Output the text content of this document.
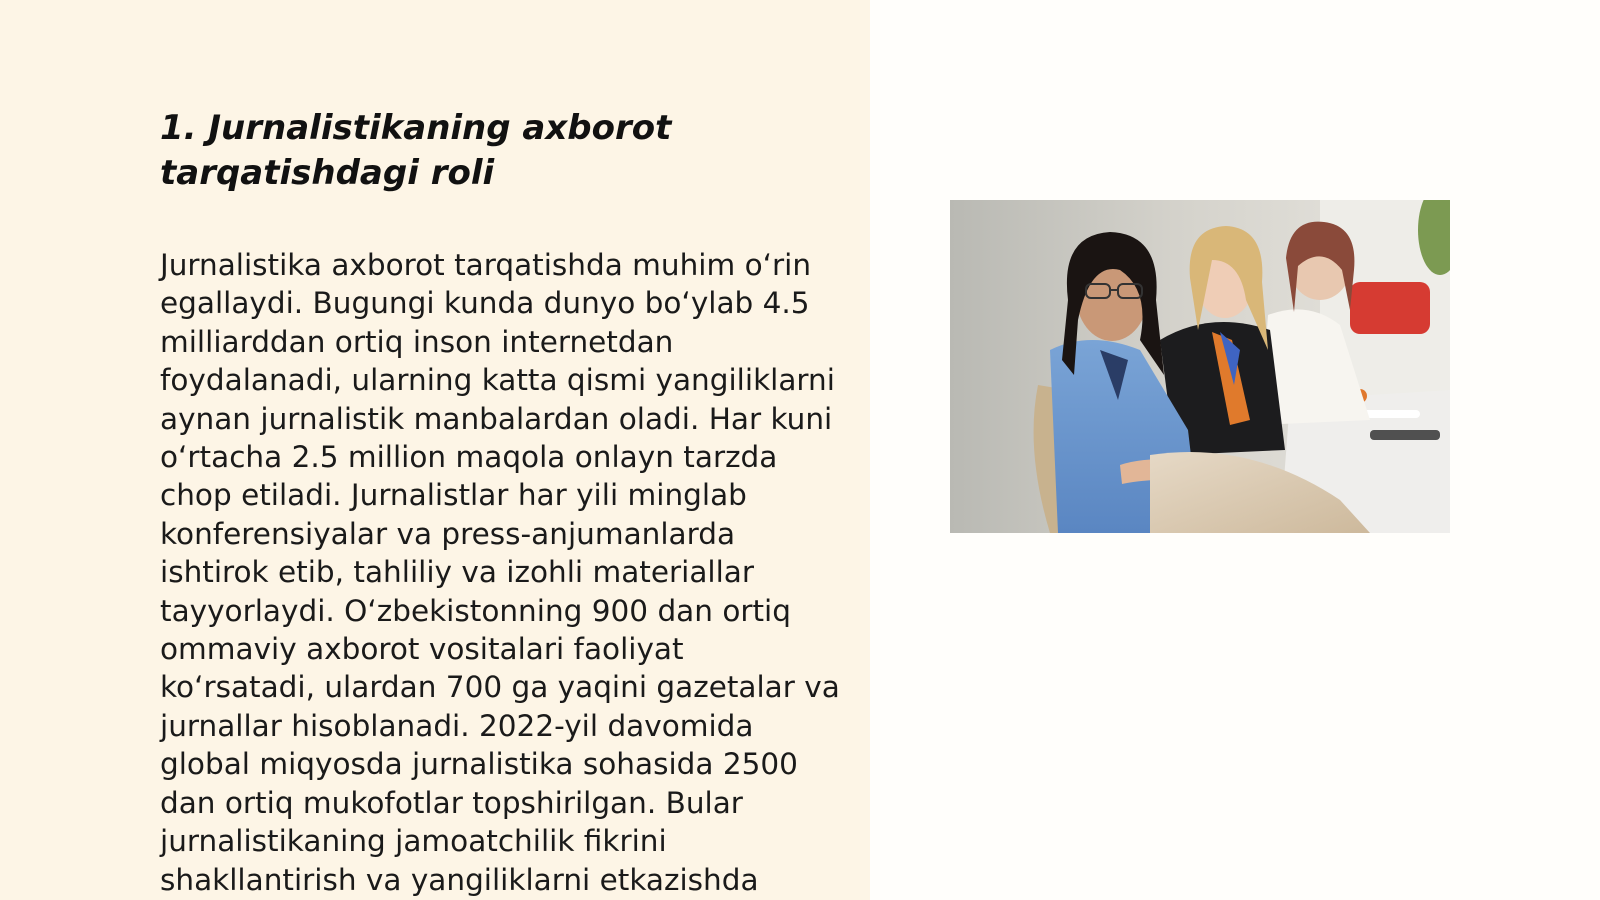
1. Jurnalistikaning axborot tarqatishdagi roli

Jurnalistika axborot tarqatishda muhim o‘rin egallaydi. Bugungi kunda dunyo bo‘ylab 4.5 milliarddan ortiq inson internetdan foydalanadi, ularning katta qismi yangiliklarni aynan jurnalistik manbalardan oladi. Har kuni o‘rtacha 2.5 million maqola onlayn tarzda chop etiladi. Jurnalistlar har yili minglab konferensiyalar va press-anjumanlarda ishtirok etib, tahliliy va izohli materiallar tayyorlaydi. O‘zbekistonning 900 dan ortiq ommaviy axborot vositalari faoliyat ko‘rsatadi, ulardan 700 ga yaqini gazetalar va jurnallar hisoblanadi. 2022-yil davomida global miqyosda jurnalistika sohasida 2500 dan ortiq mukofotlar topshirilgan. Bular jurnalistikaning jamoatchilik fikrini shakllantirish va yangiliklarni etkazishda
